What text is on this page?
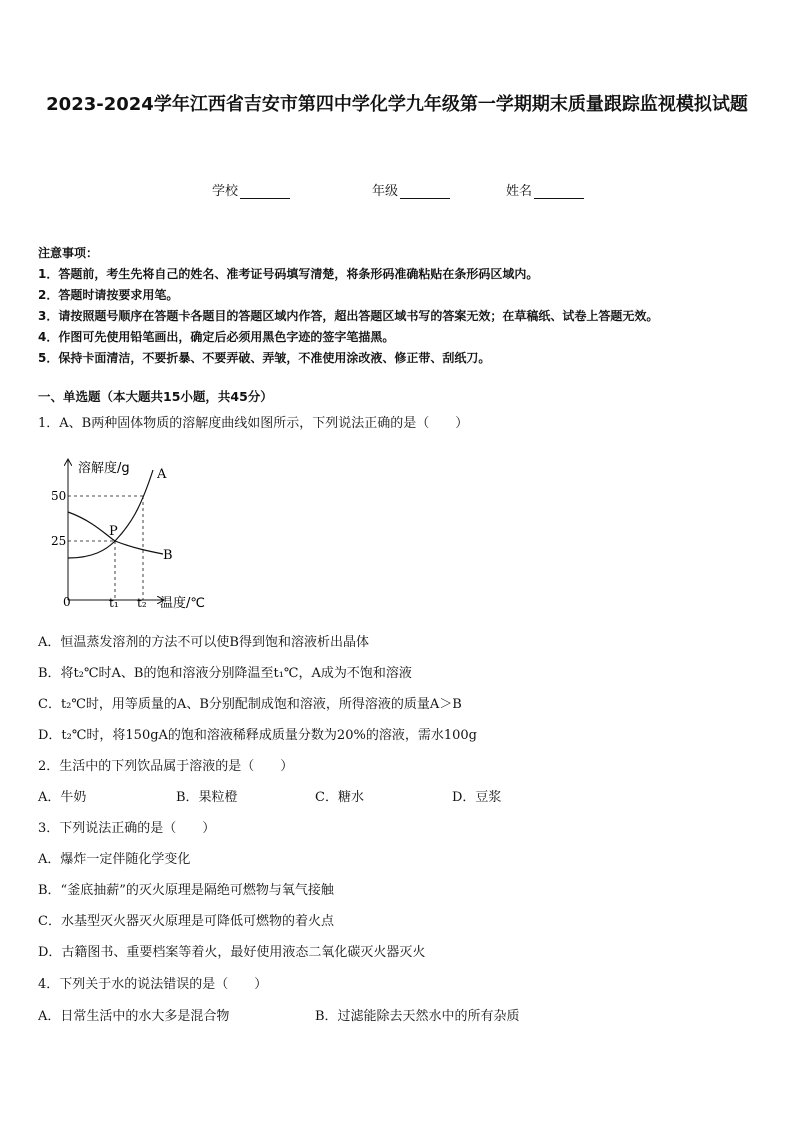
2023-2024学年江西省吉安市第四中学化学九年级第一学期期末质量跟踪监视模拟试题
学校	年级	姓名
注意事项：
1．答题前，考生先将自己的姓名、准考证号码填写清楚，将条形码准确粘贴在条形码区域内。
2．答题时请按要求用笔。
3．请按照题号顺序在答题卡各题目的答题区域内作答，超出答题区域书写的答案无效；在草稿纸、试卷上答题无效。
4．作图可先使用铅笔画出，确定后必须用黑色字迹的签字笔描黑。
5．保持卡面清洁，不要折暴、不要弄破、弄皱，不准使用涂改液、修正带、刮纸刀。
一、单选题（本大题共15小题，共45分）
1．A、B两种固体物质的溶解度曲线如图所示，下列说法正确的是（　　）
溶解度/g
温度/℃
50
25
0	t₁ t₂
A
B
P
A．恒温蒸发溶剂的方法不可以使B得到饱和溶液析出晶体
B．将t₂℃时A、B的饱和溶液分别降温至t₁℃，A成为不饱和溶液
C．t₂℃时，用等质量的A、B分别配制成饱和溶液，所得溶液的质量A＞B
D．t₂℃时，将150gA的饱和溶液稀释成质量分数为20%的溶液，需水100g
2．生活中的下列饮品属于溶液的是（　　）
A．牛奶	B．果粒橙	C．糖水	D．豆浆
3．下列说法正确的是（　　）
A．爆炸一定伴随化学变化
B．“釜底抽薪”的灭火原理是隔绝可燃物与氧气接触
C．水基型灭火器灭火原理是可降低可燃物的着火点
D．古籍图书、重要档案等着火，最好使用液态二氧化碳灭火器灭火
4．下列关于水的说法错误的是（　　）
A．日常生活中的水大多是混合物	B．过滤能除去天然水中的所有杂质
